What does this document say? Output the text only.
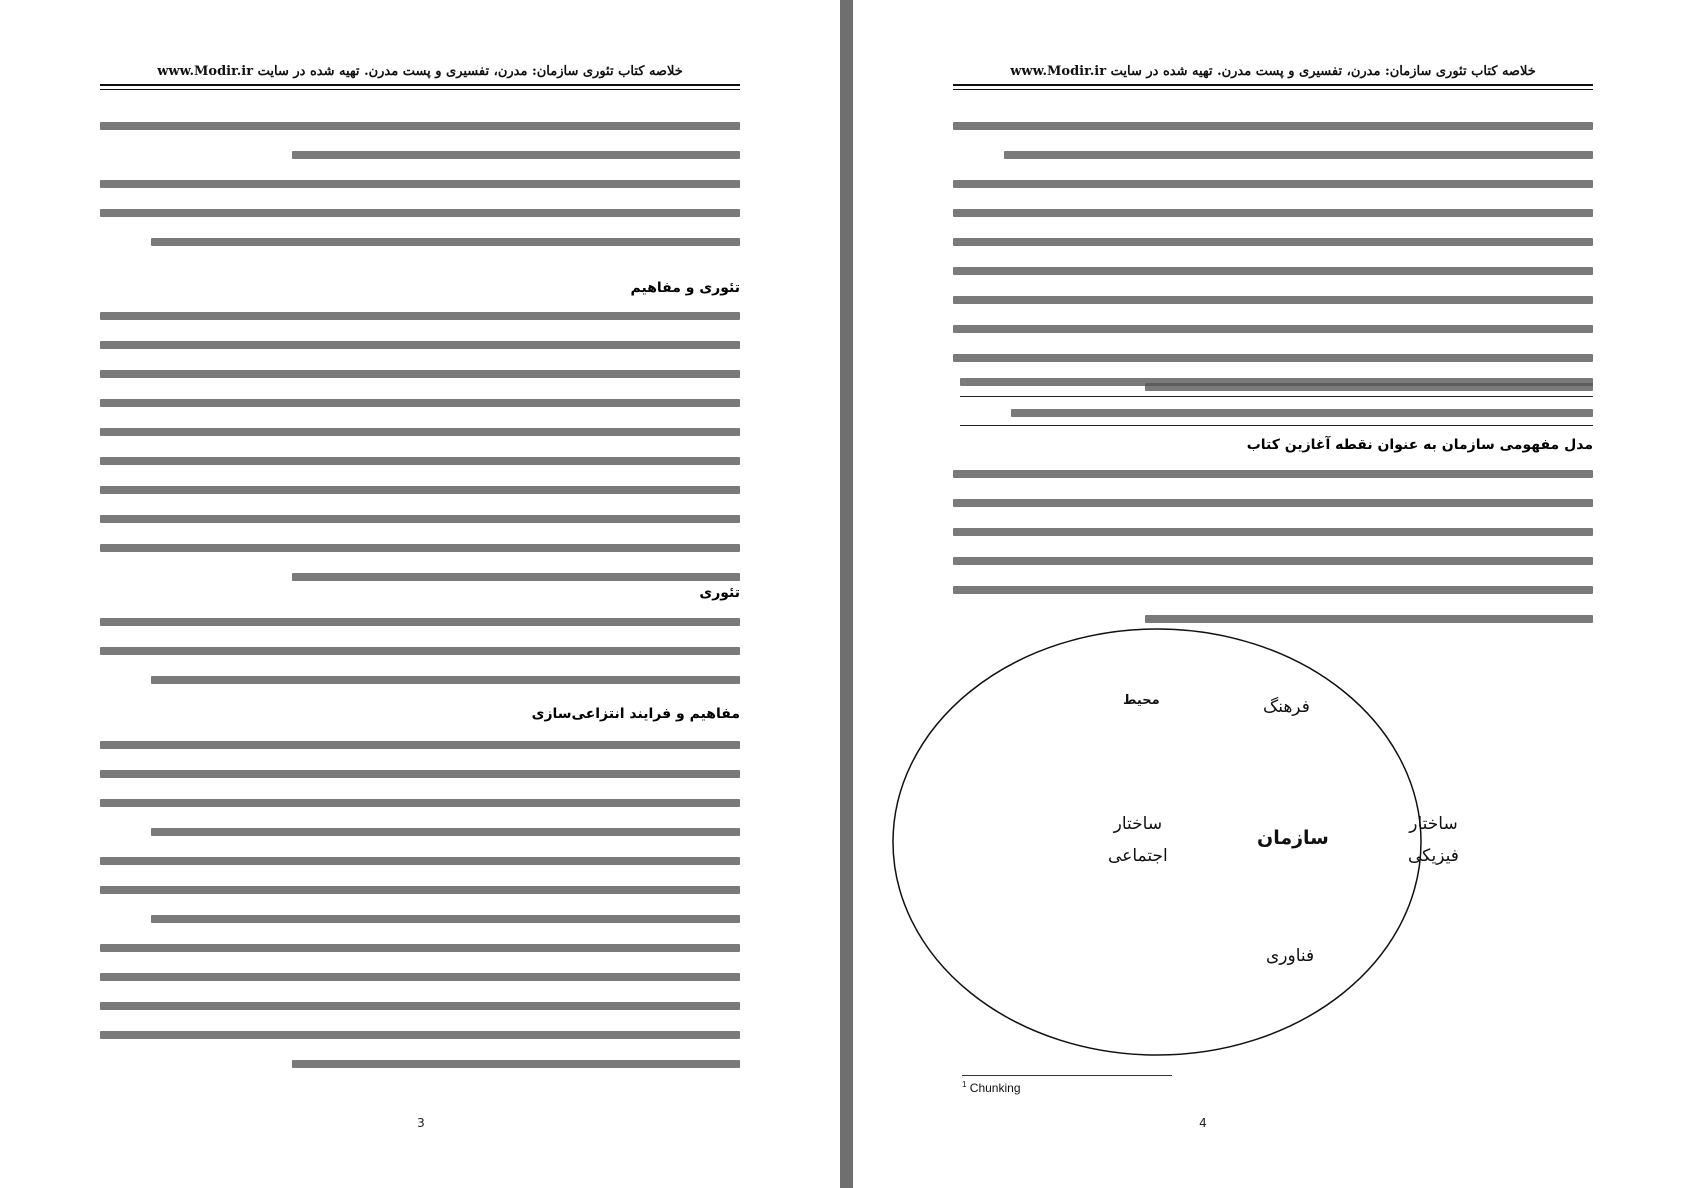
خلاصه کتاب تئوری سازمان: مدرن، تفسیری و پست مدرن. تهیه شده در سایت www.Modir.ir
تئوری و مفاهیم
تئوری
مفاهیم و فرایند انتزاعی‌سازی
3
خلاصه کتاب تئوری سازمان: مدرن، تفسیری و پست مدرن. تهیه شده در سایت www.Modir.ir
مدل مفهومی سازمان به عنوان نقطه آغازین کتاب
محیط	فرهنگ
ساختار
اجتماعی
سازمان
ساختار
فیزیکی
فناوری
$^1$ Chunking
4
